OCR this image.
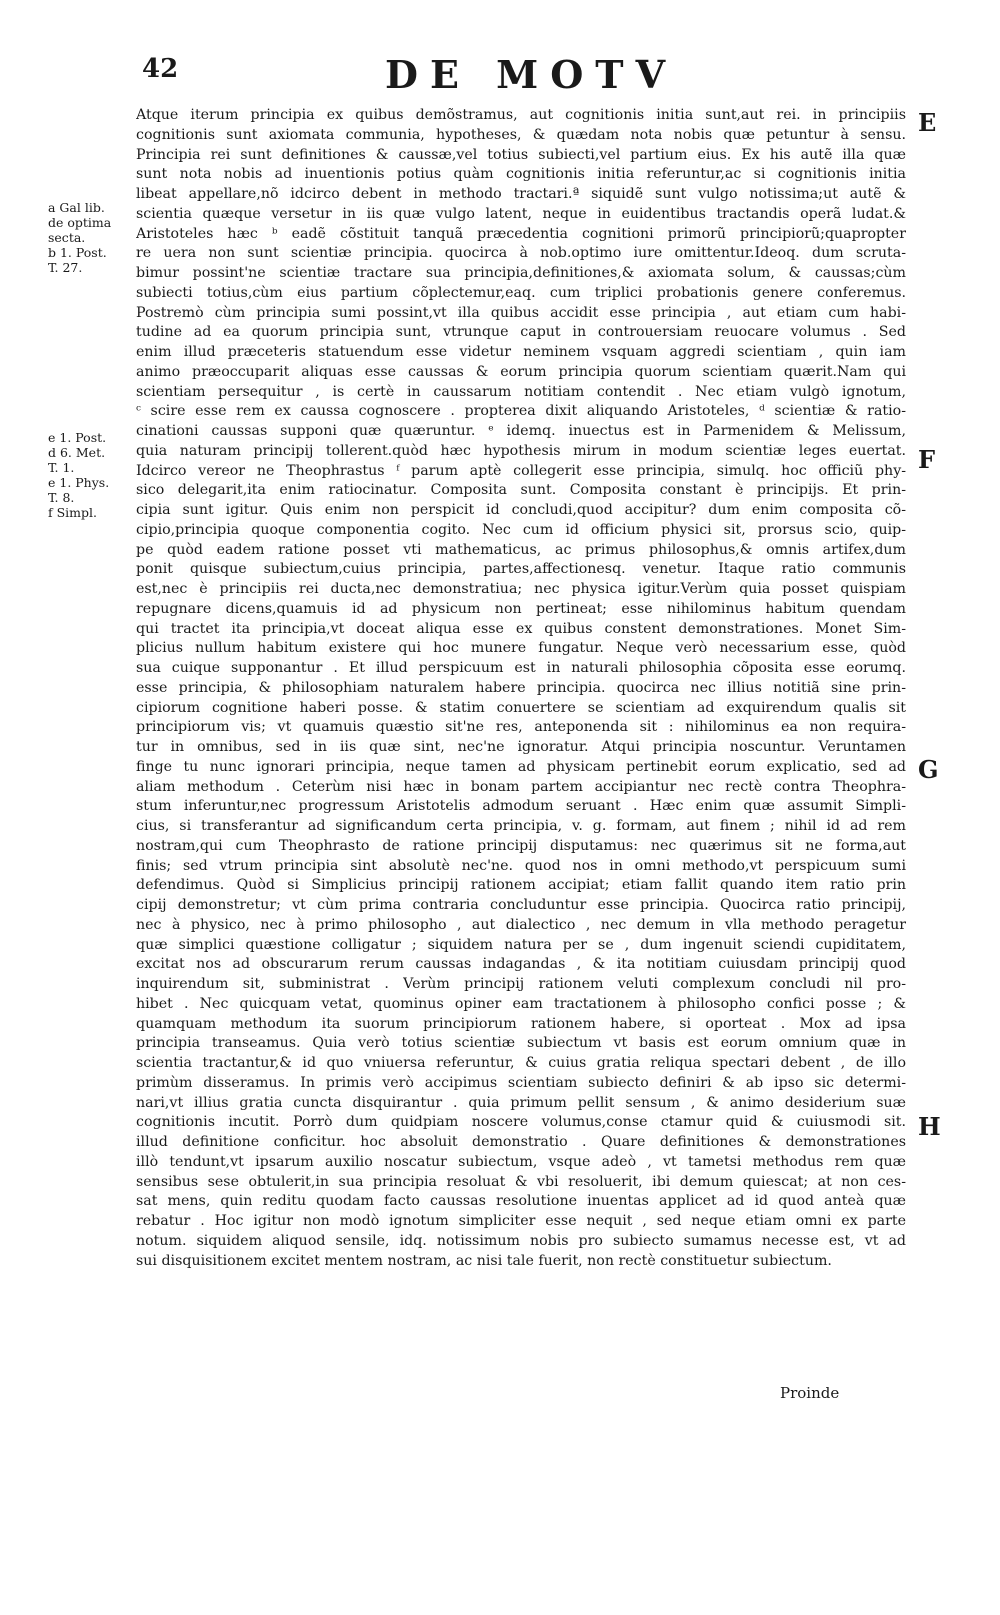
42	DE MOTV
a Gal lib.
de optima
secta.
b 1. Post.
T. 27.
e 1. Post.
d 6. Met.
T. 1.
e 1. Phys.
T. 8.
f Simpl.
E
F
G
H
Atque iterum principia ex quibus demõstramus, aut cognitionis initia sunt,aut rei. in principiis
cognitionis sunt axiomata communia, hypotheses, & quædam nota nobis quæ petuntur à sensu.
Principia rei sunt definitiones & caussæ,vel totius subiecti,vel partium eius. Ex his autẽ illa quæ
sunt nota nobis ad inuentionis potius quàm cognitionis initia referuntur,ac si cognitionis initia
libeat appellare,nõ idcirco debent in methodo tractari.ª siquidẽ sunt vulgo notissima;ut autẽ &
scientia quæque versetur in iis quæ vulgo latent, neque in euidentibus tractandis operã ludat.&
Aristoteles hæc ᵇ eadẽ cõstituit tanquã præcedentia cognitioni primorũ principiorũ;quapropter
re uera non sunt scientiæ principia. quocirca à nob.optimo iure omittentur.Ideoq. dum scruta-
bimur possint'ne scientiæ tractare sua principia,definitiones,& axiomata solum, & caussas;cùm
subiecti totius,cùm eius partium cõplectemur,eaq. cum triplici probationis genere conferemus.
Postremò cùm principia sumi possint,vt illa quibus accidit esse principia , aut etiam cum habi-
tudine ad ea quorum principia sunt, vtrunque caput in controuersiam reuocare volumus . Sed
enim illud præceteris statuendum esse videtur neminem vsquam aggredi scientiam , quin iam
animo præoccuparit aliquas esse caussas & eorum principia quorum scientiam quærit.Nam qui
scientiam persequitur , is certè in caussarum notitiam contendit . Nec etiam vulgò ignotum,
ᶜ scire esse rem ex caussa cognoscere . propterea dixit aliquando Aristoteles, ᵈ scientiæ & ratio-
cinationi caussas supponi quæ quæruntur. ᵉ idemq. inuectus est in Parmenidem & Melissum,
quia naturam principij tollerent.quòd hæc hypothesis mirum in modum scientiæ leges euertat.
Idcirco vereor ne Theophrastus ᶠ parum aptè collegerit esse principia, simulq. hoc officiũ phy-
sico delegarit,ita enim ratiocinatur. Composita sunt. Composita constant è principijs. Et prin-
cipia sunt igitur. Quis enim non perspicit id concludi,quod accipitur? dum enim composita cõ-
cipio,principia quoque componentia cogito. Nec cum id officium physici sit, prorsus scio, quip-
pe quòd eadem ratione posset vti mathematicus, ac primus philosophus,& omnis artifex,dum
ponit quisque subiectum,cuius principia, partes,affectionesq. venetur. Itaque ratio communis
est,nec è principiis rei ducta,nec demonstratiua; nec physica igitur.Verùm quia posset quispiam
repugnare dicens,quamuis id ad physicum non pertineat; esse nihilominus habitum quendam
qui tractet ita principia,vt doceat aliqua esse ex quibus constent demonstrationes. Monet Sim-
plicius nullum habitum existere qui hoc munere fungatur. Neque verò necessarium esse, quòd
sua cuique supponantur . Et illud perspicuum est in naturali philosophia cõposita esse eorumq.
esse principia, & philosophiam naturalem habere principia. quocirca nec illius notitiã sine prin-
cipiorum cognitione haberi posse. & statim conuertere se scientiam ad exquirendum qualis sit
principiorum vis; vt quamuis quæstio sit'ne res, anteponenda sit : nihilominus ea non requira-
tur in omnibus, sed in iis quæ sint, nec'ne ignoratur. Atqui principia noscuntur. Veruntamen
finge tu nunc ignorari principia, neque tamen ad physicam pertinebit eorum explicatio, sed ad
aliam methodum . Ceterùm nisi hæc in bonam partem accipiantur nec rectè contra Theophra-
stum inferuntur,nec progressum Aristotelis admodum seruant . Hæc enim quæ assumit Simpli-
cius, si transferantur ad significandum certa principia, v. g. formam, aut finem ; nihil id ad rem
nostram,qui cum Theophrasto de ratione principij disputamus: nec quærimus sit ne forma,aut
finis; sed vtrum principia sint absolutè nec'ne. quod nos in omni methodo,vt perspicuum sumi
defendimus. Quòd si Simplicius principij rationem accipiat; etiam fallit quando item ratio prin
cipij demonstretur; vt cùm prima contraria concluduntur esse principia. Quocirca ratio principij,
nec à physico, nec à primo philosopho , aut dialectico , nec demum in vlla methodo peragetur
quæ simplici quæstione colligatur ; siquidem natura per se , dum ingenuit sciendi cupiditatem,
excitat nos ad obscurarum rerum caussas indagandas , & ita notitiam cuiusdam principij quod
inquirendum sit, subministrat . Verùm principij rationem veluti complexum concludi nil pro-
hibet . Nec quicquam vetat, quominus opiner eam tractationem à philosopho confici posse ; &
quamquam methodum ita suorum principiorum rationem habere, si oporteat . Mox ad ipsa
principia transeamus. Quia verò totius scientiæ subiectum vt basis est eorum omnium quæ in
scientia tractantur,& id quo vniuersa referuntur, & cuius gratia reliqua spectari debent , de illo
primùm disseramus. In primis verò accipimus scientiam subiecto definiri & ab ipso sic determi-
nari,vt illius gratia cuncta disquirantur . quia primum pellit sensum , & animo desiderium suæ
cognitionis incutit. Porrò dum quidpiam noscere volumus,conse ctamur quid & cuiusmodi sit.
illud definitione conficitur. hoc absoluit demonstratio . Quare definitiones & demonstrationes
illò tendunt,vt ipsarum auxilio noscatur subiectum, vsque adeò , vt tametsi methodus rem quæ
sensibus sese obtulerit,in sua principia resoluat & vbi resoluerit, ibi demum quiescat; at non ces-
sat mens, quin reditu quodam facto caussas resolutione inuentas applicet ad id quod anteà quæ
rebatur . Hoc igitur non modò ignotum simpliciter esse nequit , sed neque etiam omni ex parte
notum. siquidem aliquod sensile, idq. notissimum nobis pro subiecto sumamus necesse est, vt ad
sui disquisitionem excitet mentem nostram, ac nisi tale fuerit, non rectè constituetur subiectum.
Proinde
